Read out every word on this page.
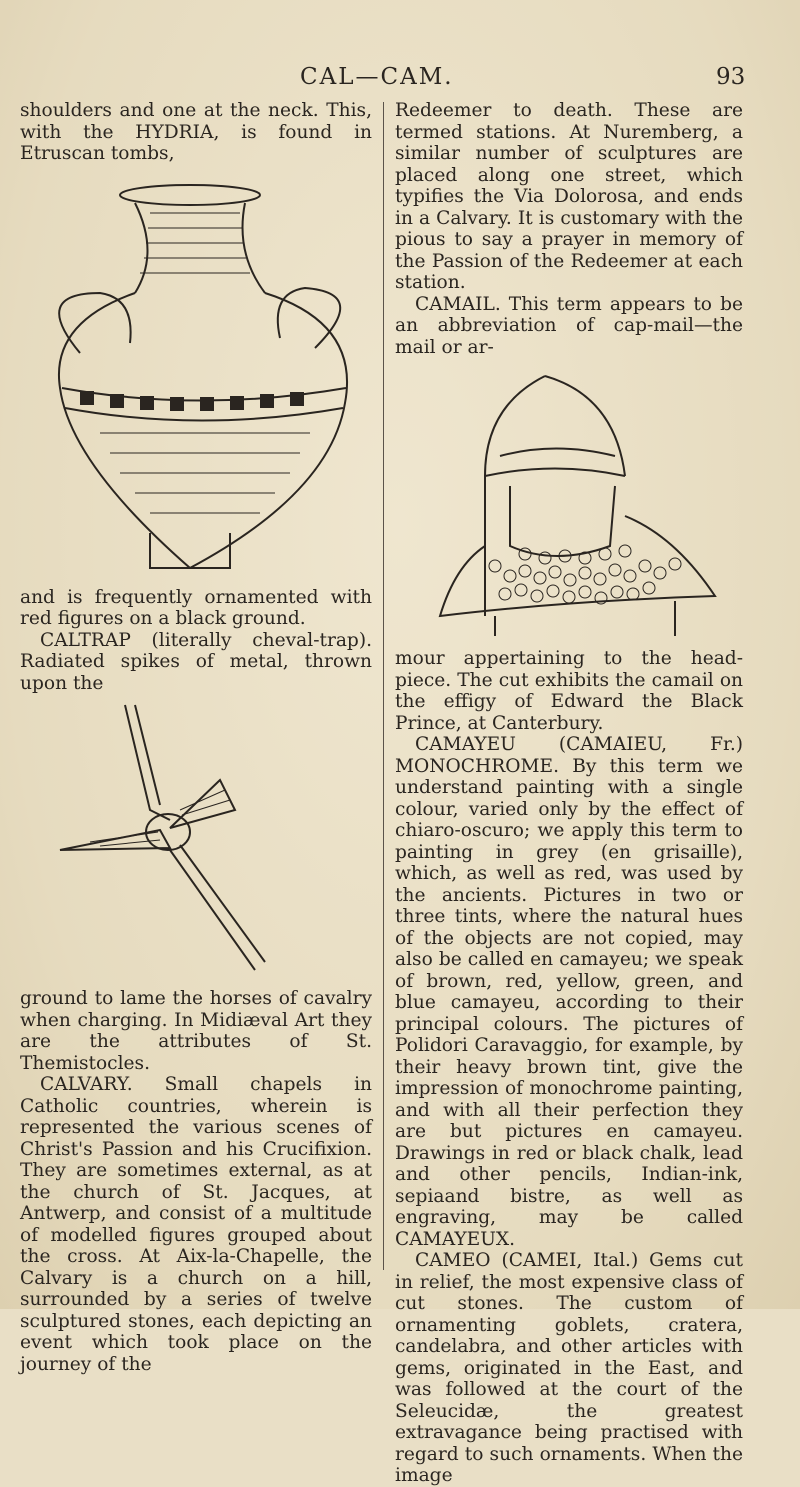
CAL—CAM.	93

shoulders and one at the neck. This, with the HYDRIA, is found in Etruscan tombs,

and is frequently ornamented with red figures on a black ground.

CALTRAP (literally cheval-trap). Radiated spikes of metal, thrown upon the

ground to lame the horses of cavalry when charging. In Midiæval Art they are the attributes of St. Themistocles.

CALVARY. Small chapels in Catholic countries, wherein is represented the various scenes of Christ's Passion and his Crucifixion. They are sometimes external, as at the church of St. Jacques, at Antwerp, and consist of a multitude of modelled figures grouped about the cross. At Aix-la-Chapelle, the Calvary is a church on a hill, surrounded by a series of twelve sculptured stones, each depicting an event which took place on the journey of the

Redeemer to death. These are termed stations. At Nuremberg, a similar number of sculptures are placed along one street, which typifies the Via Dolorosa, and ends in a Calvary. It is customary with the pious to say a prayer in memory of the Passion of the Redeemer at each station.

CAMAIL. This term appears to be an abbreviation of cap-mail—the mail or ar-

mour appertaining to the head-piece. The cut exhibits the camail on the effigy of Edward the Black Prince, at Canterbury.

CAMAYEU (CAMAIEU, Fr.) MONOCHROME. By this term we understand painting with a single colour, varied only by the effect of chiaro-oscuro; we apply this term to painting in grey (en grisaille), which, as well as red, was used by the ancients. Pictures in two or three tints, where the natural hues of the objects are not copied, may also be called en camayeu; we speak of brown, red, yellow, green, and blue camayeu, according to their principal colours. The pictures of Polidori Caravaggio, for example, by their heavy brown tint, give the impression of monochrome painting, and with all their perfection they are but pictures en camayeu. Drawings in red or black chalk, lead and other pencils, Indian-ink, sepiaand bistre, as well as engraving, may be called CAMAYEUX.

CAMEO (CAMEI, Ital.) Gems cut in relief, the most expensive class of cut stones. The custom of ornamenting goblets, cratera, candelabra, and other articles with gems, originated in the East, and was followed at the court of the Seleucidæ, the greatest extravagance being practised with regard to such ornaments. When the image
